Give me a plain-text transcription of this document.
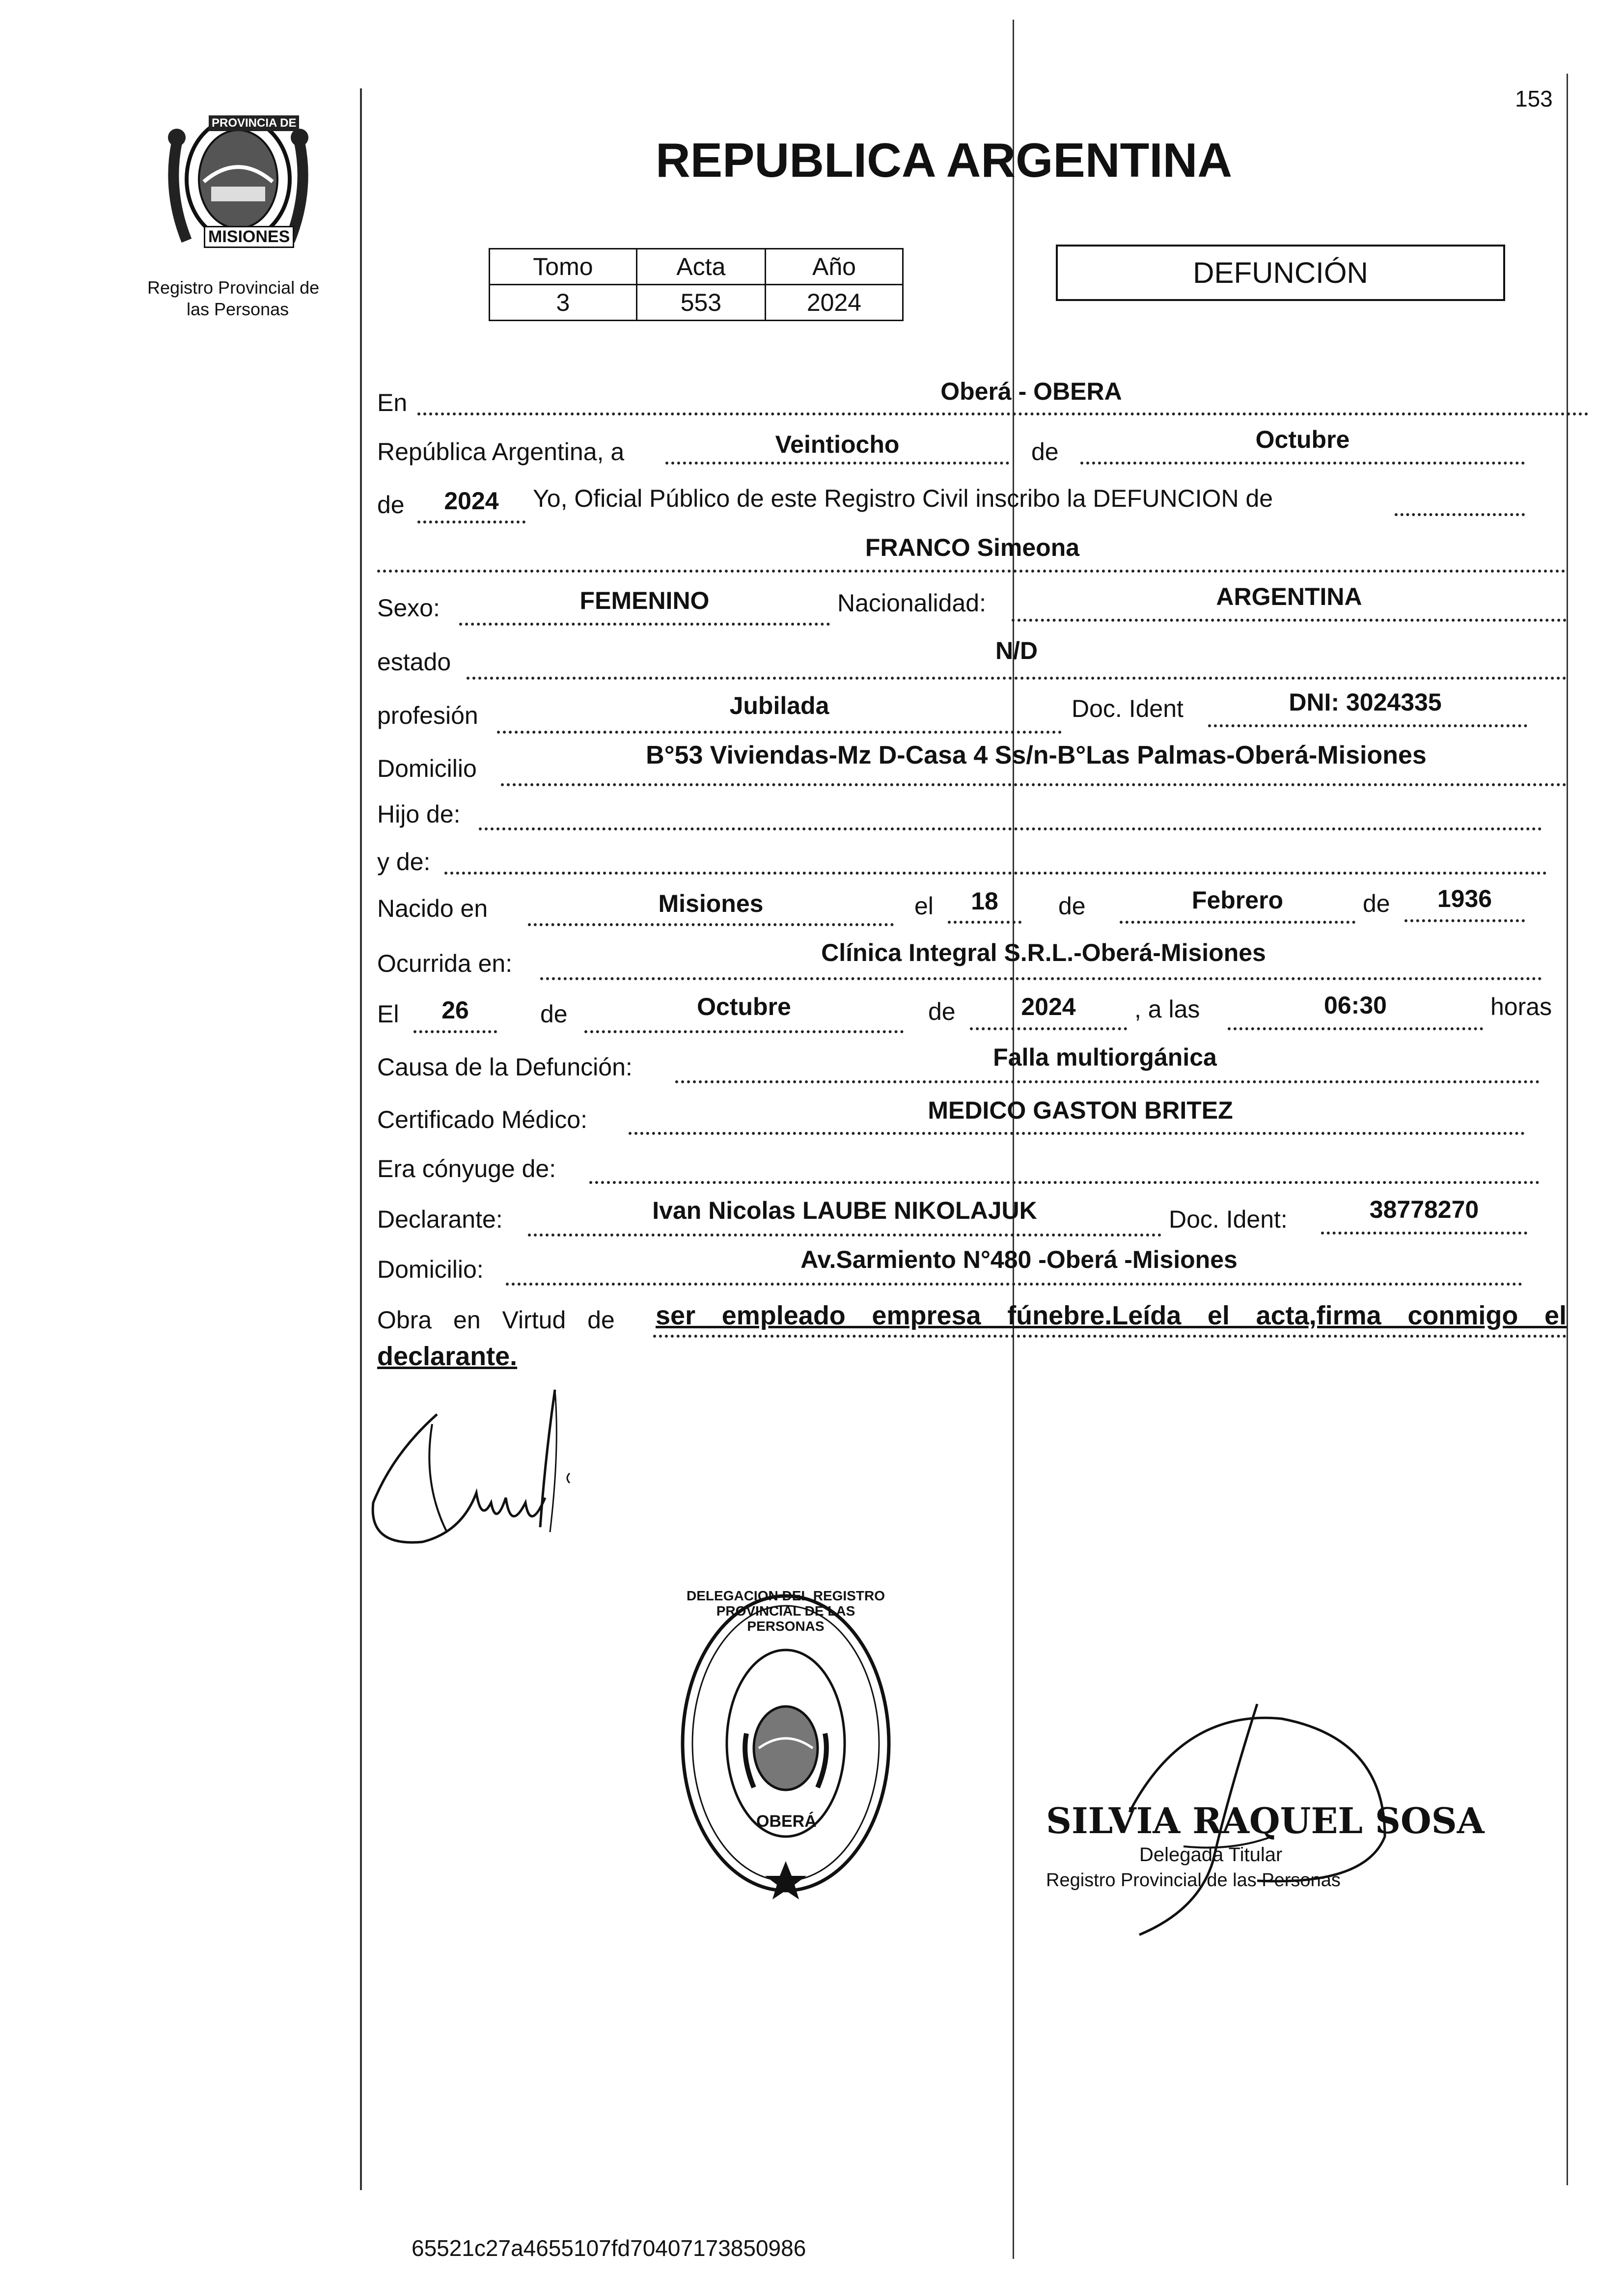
153
PROVINCIA DE
MISIONES
Registro Provincial de
las Personas
REPUBLICA ARGENTINA
Tomo	Acta	Año
3	553	2024
DEFUNCIÓN
En	Oberá - OBERA
República Argentina, a	Veintiocho	de	Octubre
de	2024	Yo, Oficial Público de este Registro Civil inscribo la DEFUNCION de
FRANCO Simeona
Sexo:	FEMENINO	Nacionalidad:	ARGENTINA
estado	N/D
profesión	Jubilada	Doc. Ident	DNI: 3024335
Domicilio	B°53 Viviendas-Mz D-Casa 4 Ss/n-B°Las Palmas-Oberá-Misiones
Hijo de:
y de:
Nacido en	Misiones	el	18	de	Febrero	de	1936
Ocurrida en:	Clínica Integral S.R.L.-Oberá-Misiones
El	26	de	Octubre	de	2024	, a las	06:30	horas
Causa de la Defunción:	Falla multiorgánica
Certificado Médico:	MEDICO GASTON BRITEZ
Era cónyuge de:
Declarante:	Ivan Nicolas LAUBE NIKOLAJUK	Doc. Ident:	38778270
Domicilio:	Av.Sarmiento N°480 -Oberá -Misiones
Obra en Virtud de ser empleado empresa fúnebre.Leída el acta,firma conmigo el
declarante.
DELEGACION DEL REGISTRO PROVINCIAL DE LAS PERSONAS
OBERÁ	SILVIA RAQUEL SOSA
Delegada Titular
Registro Provincial de las Personas
65521c27a4655107fd70407173850986
